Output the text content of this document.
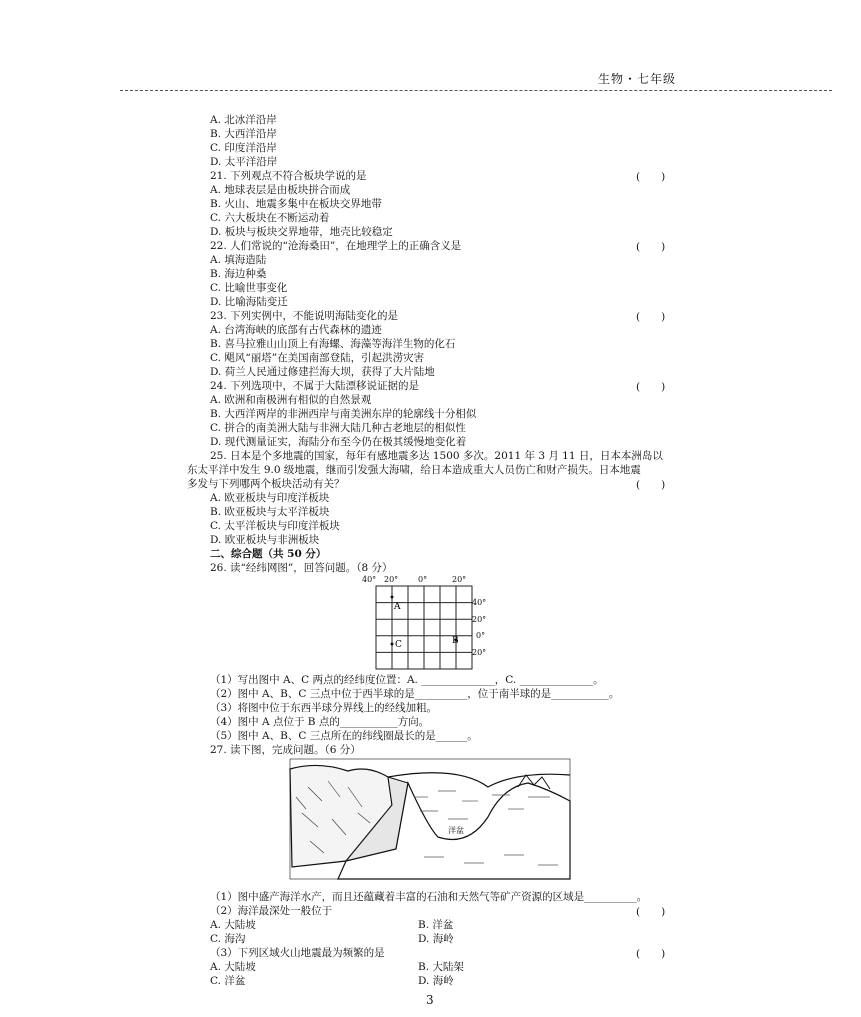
生物・七年级
A. 北冰洋沿岸
B. 大西洋沿岸
C. 印度洋沿岸
D. 太平洋沿岸
21. 下列观点不符合板块学说的是	(　　)
A. 地球表层是由板块拼合而成
B. 火山、地震多集中在板块交界地带
C. 六大板块在不断运动着
D. 板块与板块交界地带，地壳比较稳定
22. 人们常说的“沧海桑田”，在地理学上的正确含义是	(　　)
A. 填海造陆
B. 海边种桑
C. 比喻世事变化
D. 比喻海陆变迁
23. 下列实例中，不能说明海陆变化的是	(　　)
A. 台湾海峡的底部有古代森林的遗迹
B. 喜马拉雅山山顶上有海螺、海藻等海洋生物的化石
C. 飓风“丽塔”在美国南部登陆，引起洪涝灾害
D. 荷兰人民通过修建拦海大坝，获得了大片陆地
24. 下列选项中，不属于大陆漂移说证据的是	(　　)
A. 欧洲和南极洲有相似的自然景观
B. 大西洋两岸的非洲西岸与南美洲东岸的轮廓线十分相似
C. 拼合的南美洲大陆与非洲大陆几种古老地层的相似性
D. 现代测量证实，海陆分布至今仍在极其缓慢地变化着
25. 日本是个多地震的国家，每年有感地震多达 1500 多次。2011 年 3 月 11 日，日本本洲岛以
东太平洋中发生 9.0 级地震，继而引发强大海啸，给日本造成重大人员伤亡和财产损失。日本地震
多发与下列哪两个板块活动有关？	(　　)
A. 欧亚板块与印度洋板块
B. 欧亚板块与太平洋板块
C. 太平洋板块与印度洋板块
D. 欧亚板块与非洲板块
二、综合题（共 50 分）
26. 读“经纬网图”，回答问题。（8 分）
40° 20° 0°	20°
40°
20°
0°
20°
A
C	B
（1）写出图中 A、C 两点的经纬度位置：A. ______________，C. ______________。
（2）图中 A、B、C 三点中位于西半球的是__________，位于南半球的是___________。
（3）将图中位于东西半球分界线上的经线加粗。
（4）图中 A 点位于 B 点的___________方向。
（5）图中 A、B、C 三点所在的纬线圈最长的是______。
27. 读下图，完成问题。（6 分）
洋盆
（1）图中盛产海洋水产，而且还蕴藏着丰富的石油和天然气等矿产资源的区域是__________。
（2）海洋最深处一般位于	(　　)
A. 大陆坡	B. 洋盆
C. 海沟	D. 海岭
（3）下列区域火山地震最为频繁的是	(　　)
A. 大陆坡	B. 大陆架
C. 洋盆	D. 海岭
3
